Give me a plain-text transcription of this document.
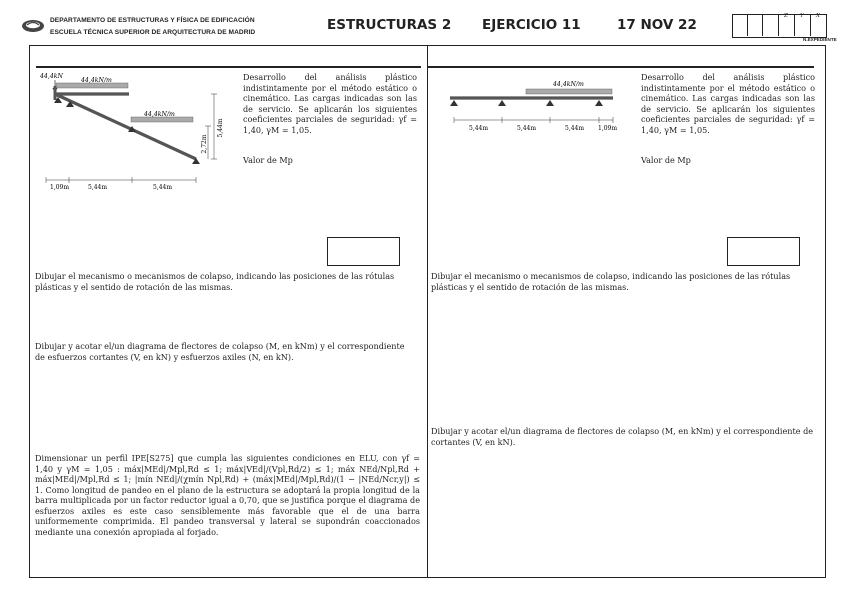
DEPARTAMENTO DE ESTRUCTURAS Y FÍSICA DE EDIFICACIÓN
ESCUELA TÉCNICA SUPERIOR DE ARQUITECTURA DE MADRID	ESTRUCTURAS 2 EJERCICIO 11	17 NOV 22
Z Y X
N.EXPEDIENTE
44,4kN
44,4kN/m
44,4kN/m
5,44m
2,72m
1,09m	5,44m	5,44m
Desarrollo del análisis plástico indistintamente por el método estático o cinemático. Las cargas indicadas son las de servicio. Se aplicarán los siguientes coeficientes parciales de seguridad: γf = 1,40, γM = 1,05.
Valor de Mp
Dibujar el mecanismo o mecanismos de colapso, indicando las posiciones de las rótulas plásticas y el sentido de rotación de las mismas.
Dibujar y acotar el/un diagrama de flectores de colapso (M, en kNm) y el correspondiente de esfuerzos cortantes (V, en kN) y esfuerzos axiles (N, en kN).
Dimensionar un perfil IPE[S275] que cumpla las siguientes condiciones en ELU, con γf = 1,40 y γM = 1,05 : máx|MEd|/Mpl,Rd ≤ 1; máx|VEd|/(Vpl,Rd/2) ≤ 1; máx NEd/Npl,Rd + máx|MEd|/Mpl,Rd ≤ 1; |mín NEd|/(χmín Npl,Rd) + (máx|MEd|/Mpl,Rd)/(1 − |NEd/Ncr,y|) ≤ 1. Como longitud de pandeo en el plano de la estructura se adoptará la propia longitud de la barra multiplicada por un factor reductor igual a 0,70, que se justifica porque el diagrama de esfuerzos axiles es este caso sensiblemente más favorable que el de una barra uniformemente comprimida. El pandeo transversal y lateral se supondrán coaccionados mediante una conexión apropiada al forjado.
44,4kN/m
5,44m	5,44m	5,44m 1,09m
Desarrollo del análisis plástico indistintamente por el método estático o cinemático. Las cargas indicadas son las de servicio. Se aplicarán los siguientes coeficientes parciales de seguridad: γf = 1,40, γM = 1,05.
Valor de Mp
Dibujar el mecanismo o mecanismos de colapso, indicando las posiciones de las rótulas plásticas y el sentido de rotación de las mismas.
Dibujar y acotar el/un diagrama de flectores de colapso (M, en kNm) y el correspondiente de cortantes (V, en kN).
